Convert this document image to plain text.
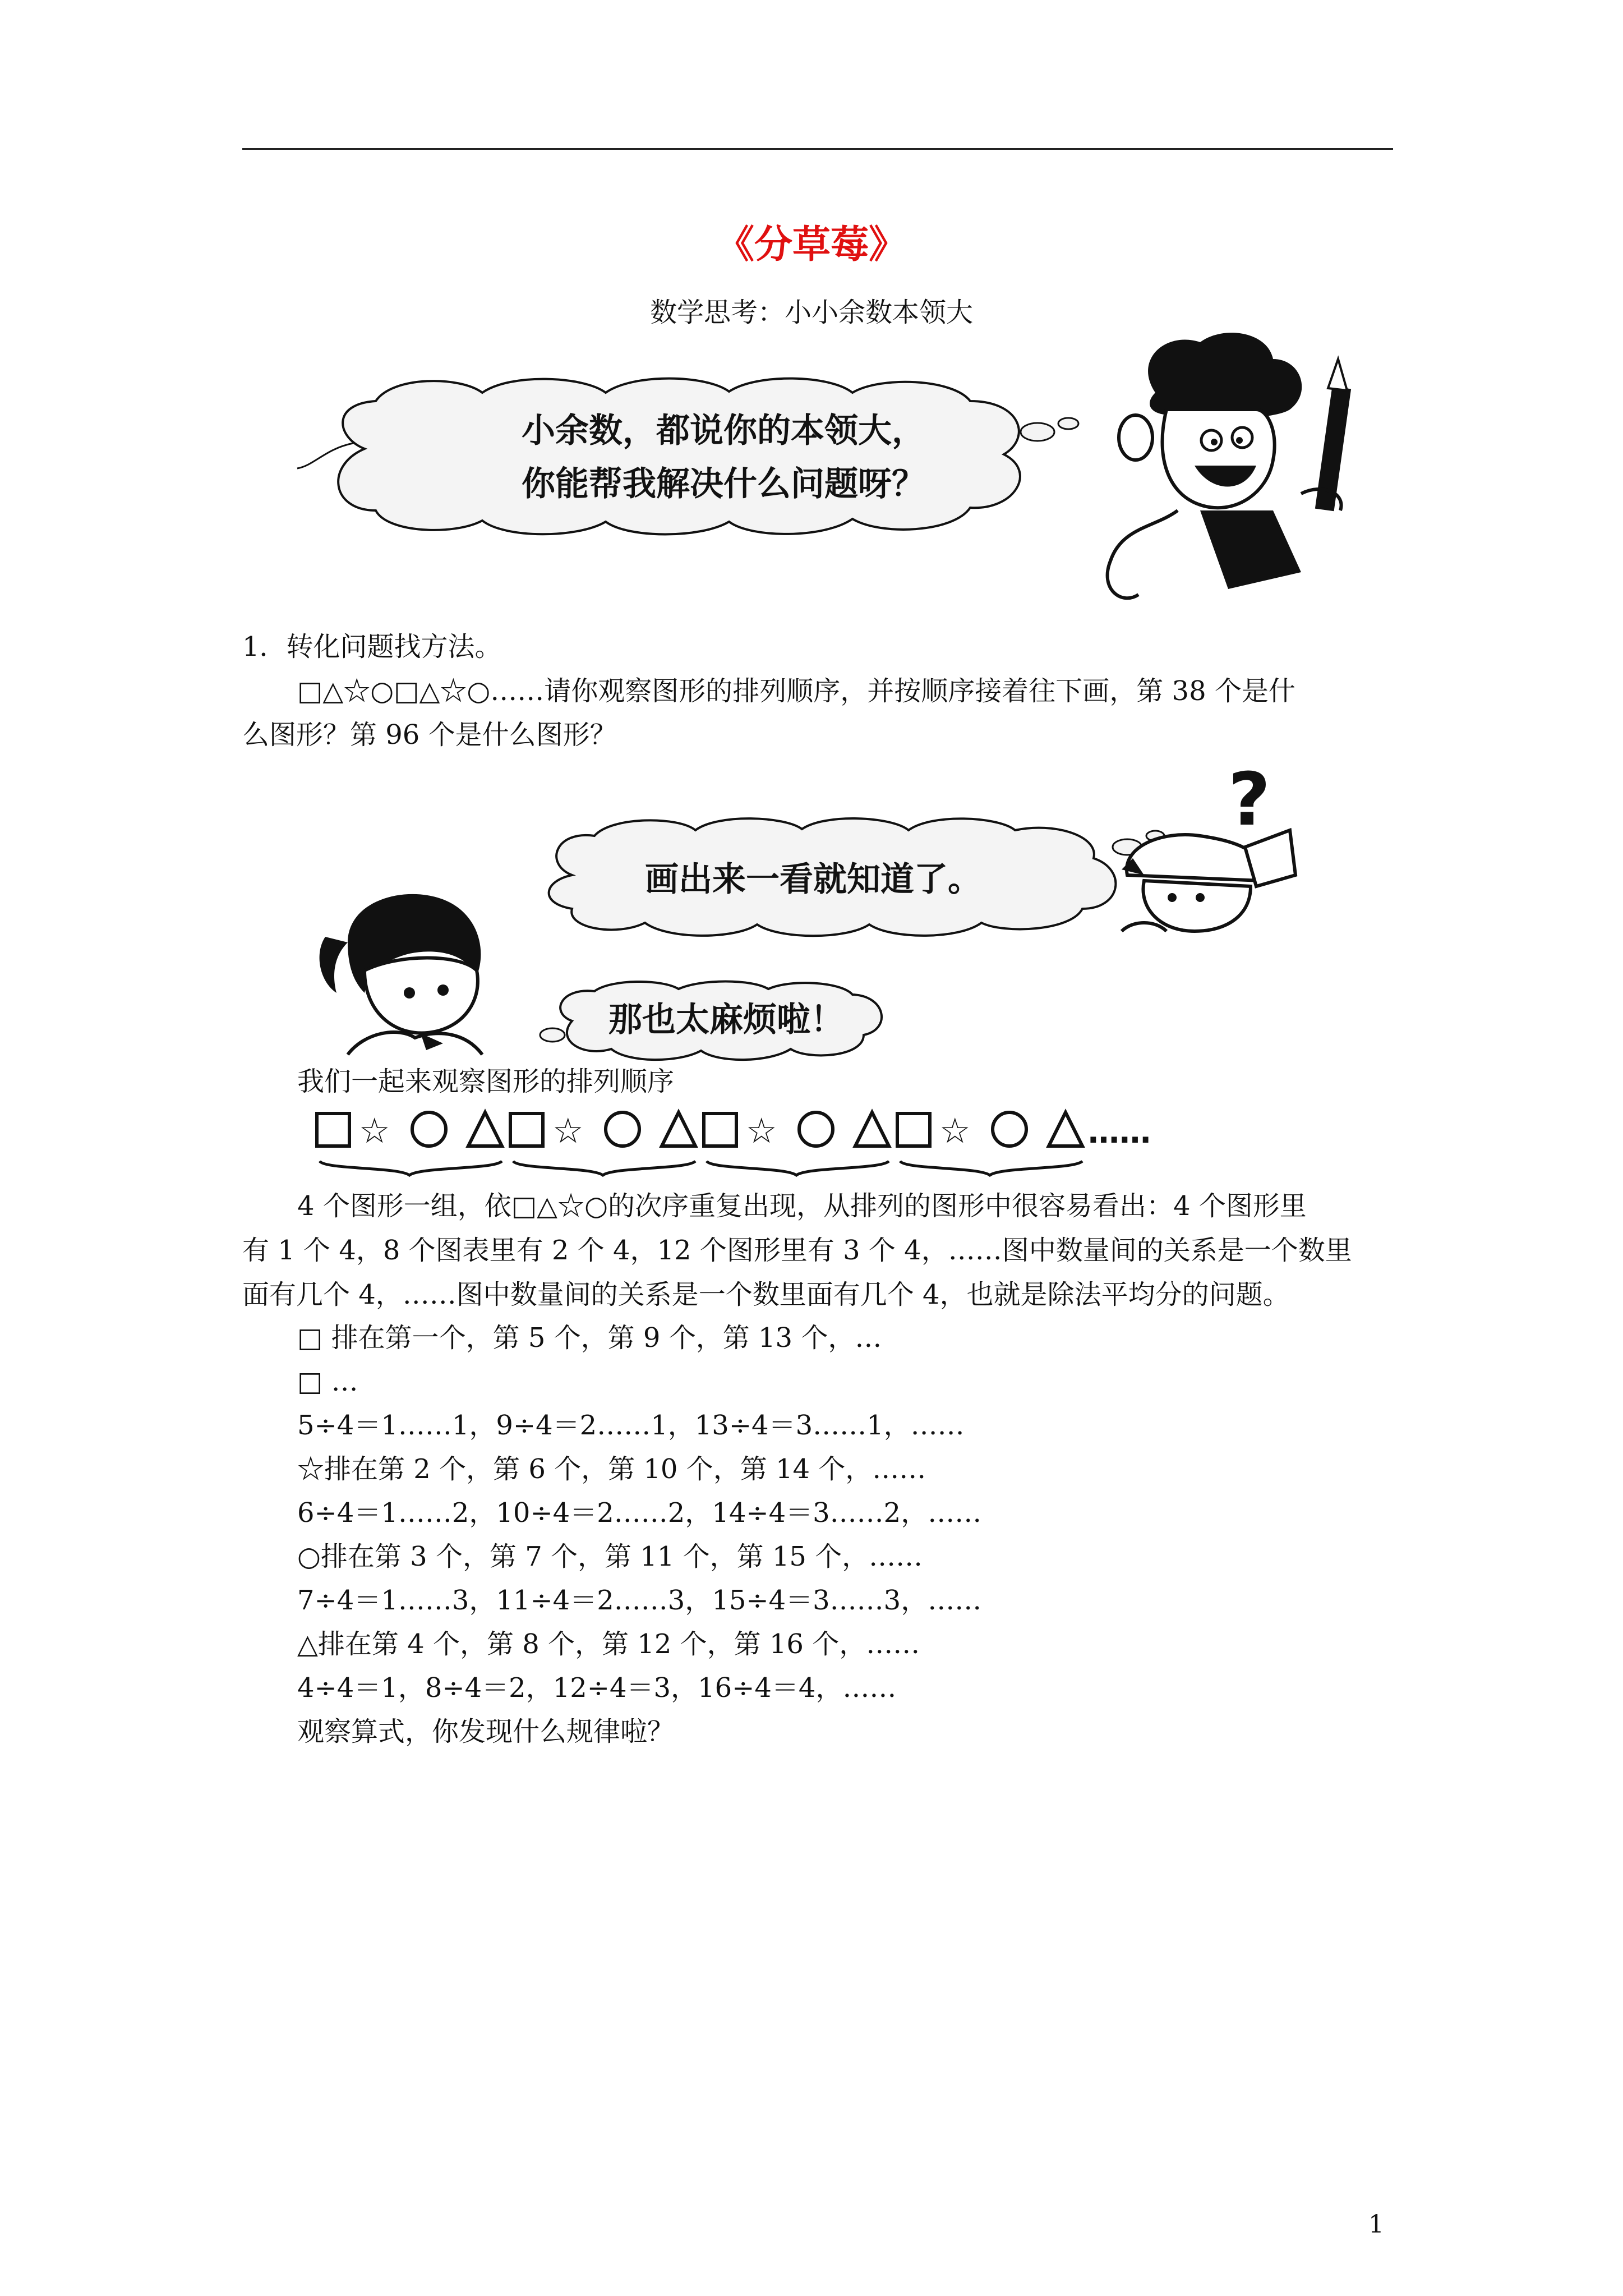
《分草莓》
数学思考：小小余数本领大
小余数，都说你的本领大，
你能帮我解决什么问题呀？
1．转化问题找方法。
□△☆○□△☆○……请你观察图形的排列顺序，并按顺序接着往下画，第 38 个是什
么图形？第 96 个是什么图形？
画出来一看就知道了。
?
那也太麻烦啦！
我们一起来观察图形的排列顺序
☆	☆	☆	☆	……
4 个图形一组，依□△☆○的次序重复出现，从排列的图形中很容易看出：4 个图形里
有 1 个 4，8 个图表里有 2 个 4，12 个图形里有 3 个 4，……图中数量间的关系是一个数里
面有几个 4，……图中数量间的关系是一个数里面有几个 4，也就是除法平均分的问题。
□ 排在第一个，第 5 个，第 9 个，第 13 个，…
□ …
5÷4＝1……1，9÷4＝2……1，13÷4＝3……1，……
☆排在第 2 个，第 6 个，第 10 个，第 14 个，……
6÷4＝1……2，10÷4＝2……2，14÷4＝3……2，……
○排在第 3 个，第 7 个，第 11 个，第 15 个，……
7÷4＝1……3，11÷4＝2……3，15÷4＝3……3，……
△排在第 4 个，第 8 个，第 12 个，第 16 个，……
4÷4＝1，8÷4＝2，12÷4＝3，16÷4＝4，……
观察算式，你发现什么规律啦？
1
